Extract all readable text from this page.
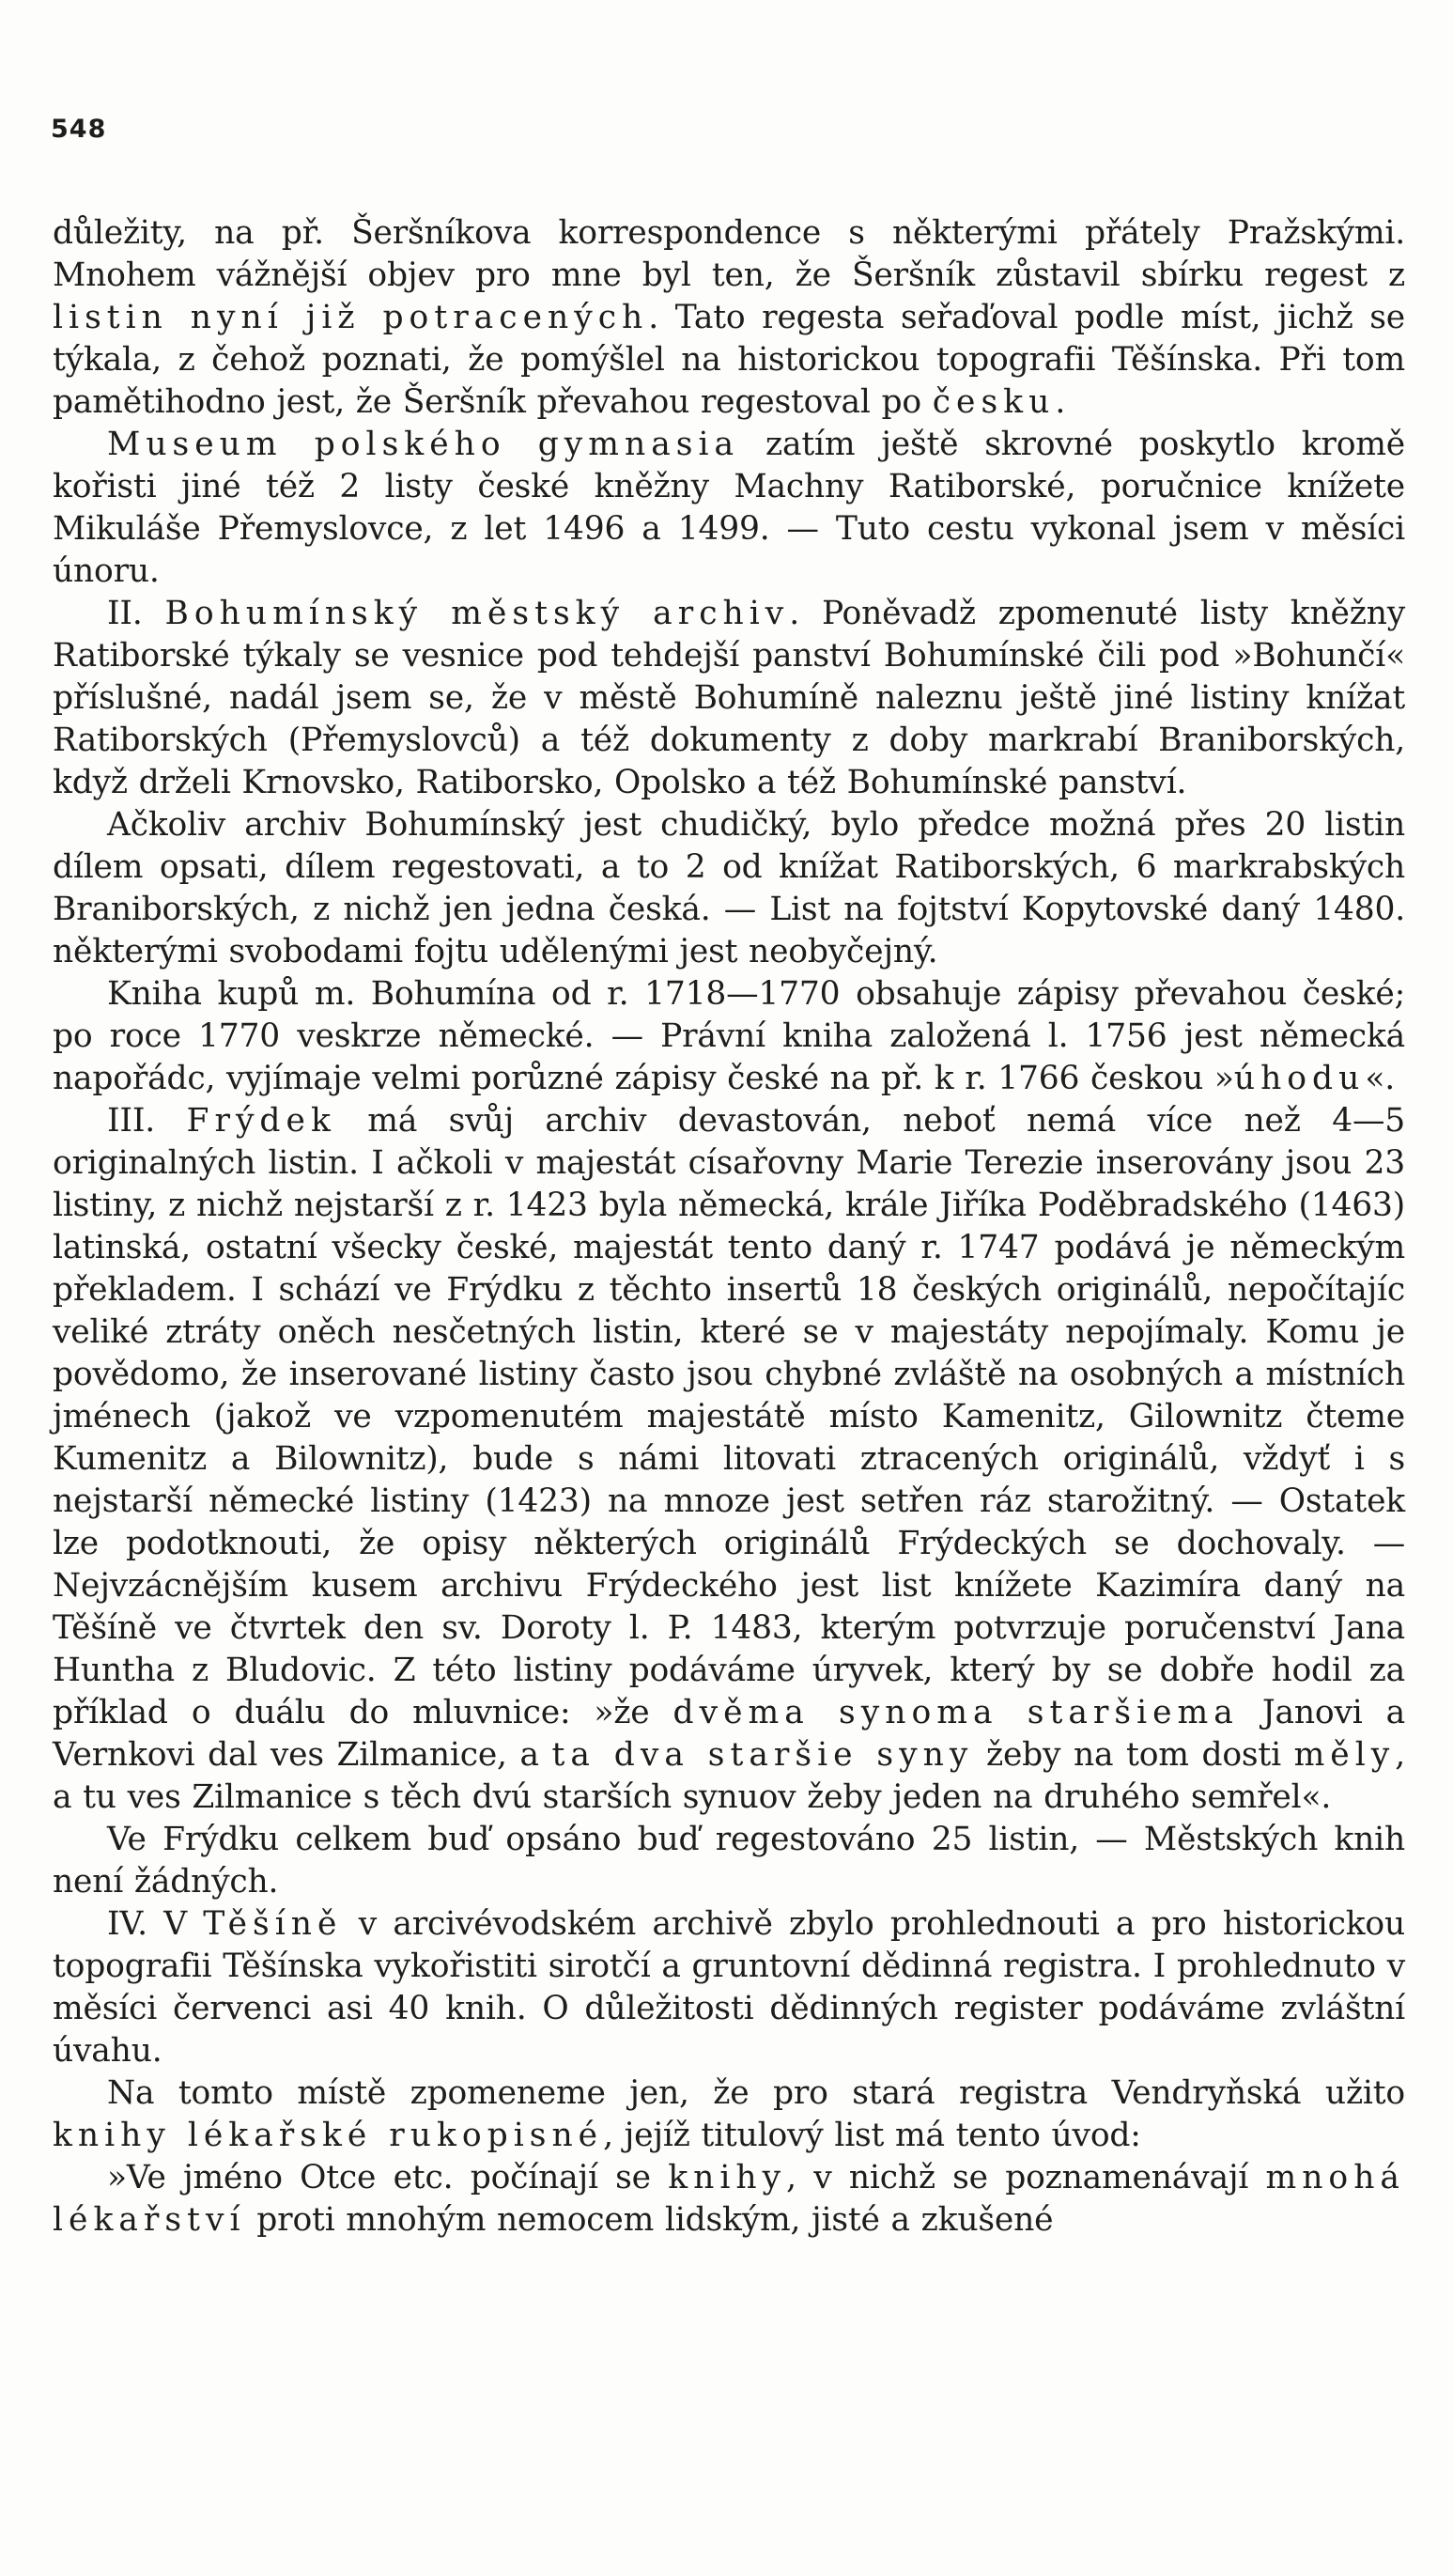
548

důležity, na př. Šeršníkova korrespondence s některými přátely Pražskými. Mnohem vážnější objev pro mne byl ten, že Šeršník zůstavil sbírku regest z listin nyní již potracených. Tato regesta seřaďoval podle míst, jichž se týkala, z čehož poznati, že pomýšlel na historickou topografii Těšínska. Při tom pamětihodno jest, že Šeršník převahou regestoval po česku.

Museum polského gymnasia zatím ještě skrovné poskytlo kromě kořisti jiné též 2 listy české kněžny Machny Ratiborské, poručnice knížete Mikuláše Přemyslovce, z let 1496 a 1499. — Tuto cestu vykonal jsem v měsíci únoru.

II. Bohumínský městský archiv. Poněvadž zpomenuté listy kněžny Ratiborské týkaly se vesnice pod tehdejší panství Bohumínské čili pod »Bohunčí« příslušné, nadál jsem se, že v městě Bohumíně naleznu ještě jiné listiny knížat Ratiborských (Přemyslovců) a též dokumenty z doby markrabí Braniborských, když drželi Krnovsko, Ratiborsko, Opolsko a též Bohumínské panství.

Ačkoliv archiv Bohumínský jest chudičký, bylo předce možná přes 20 listin dílem opsati, dílem regestovati, a to 2 od knížat Ratiborských, 6 markrabských Braniborských, z nichž jen jedna česká. — List na fojtství Kopytovské daný 1480. některými svobodami fojtu udělenými jest neobyčejný.

Kniha kupů m. Bohumína od r. 1718—1770 obsahuje zápisy převahou české; po roce 1770 veskrze německé. — Právní kniha založená l. 1756 jest německá napořádc, vyjímaje velmi porůzné zápisy české na př. k r. 1766 českou »úhodu«.

III. Frýdek má svůj archiv devastován, neboť nemá více než 4—5 originalných listin. I ačkoli v majestát císařovny Marie Terezie inserovány jsou 23 listiny, z nichž nejstarší z r. 1423 byla německá, krále Jiříka Poděbradského (1463) latinská, ostatní všecky české, majestát tento daný r. 1747 podává je německým překladem. I schází ve Frýdku z těchto insertů 18 českých originálů, nepočítajíc veliké ztráty oněch nesčetných listin, které se v majestáty nepojímaly. Komu je povědomo, že inserované listiny často jsou chybné zvláště na osobných a místních jménech (jakož ve vzpomenutém majestátě místo Kamenitz, Gilownitz čteme Kumenitz a Bilownitz), bude s námi litovati ztracených originálů, vždyť i s nejstarší německé listiny (1423) na mnoze jest setřen ráz starožitný. — Ostatek lze podotknouti, že opisy některých originálů Frýdeckých se dochovaly. — Nejvzácnějším kusem archivu Frýdeckého jest list knížete Kazimíra daný na Těšíně ve čtvrtek den sv. Doroty l. P. 1483, kterým potvrzuje poručenství Jana Huntha z Bludovic. Z této listiny podáváme úryvek, který by se dobře hodil za příklad o duálu do mluvnice: »že dvěma synoma staršiema Janovi a Vernkovi dal ves Zilmanice, a ta dva staršie syny žeby na tom dosti měly, a tu ves Zilmanice s těch dvú starších synuov žeby jeden na druhého semřel«.

Ve Frýdku celkem buď opsáno buď regestováno 25 listin, — Městských knih není žádných.

IV. V Těšíně v arcivévodském archivě zbylo prohlednouti a pro historickou topografii Těšínska vykořistiti sirotčí a gruntovní dědinná registra. I prohlednuto v měsíci červenci asi 40 knih. O důležitosti dědinných register podáváme zvláštní úvahu.

Na tomto místě zpomeneme jen, že pro stará registra Vendryňská užito knihy lékařské rukopisné, jejíž titulový list má tento úvod:

»Ve jméno Otce etc. počínají se knihy, v nichž se poznamenávají mnohá lékařství proti mnohým nemocem lidským, jisté a zkušené
